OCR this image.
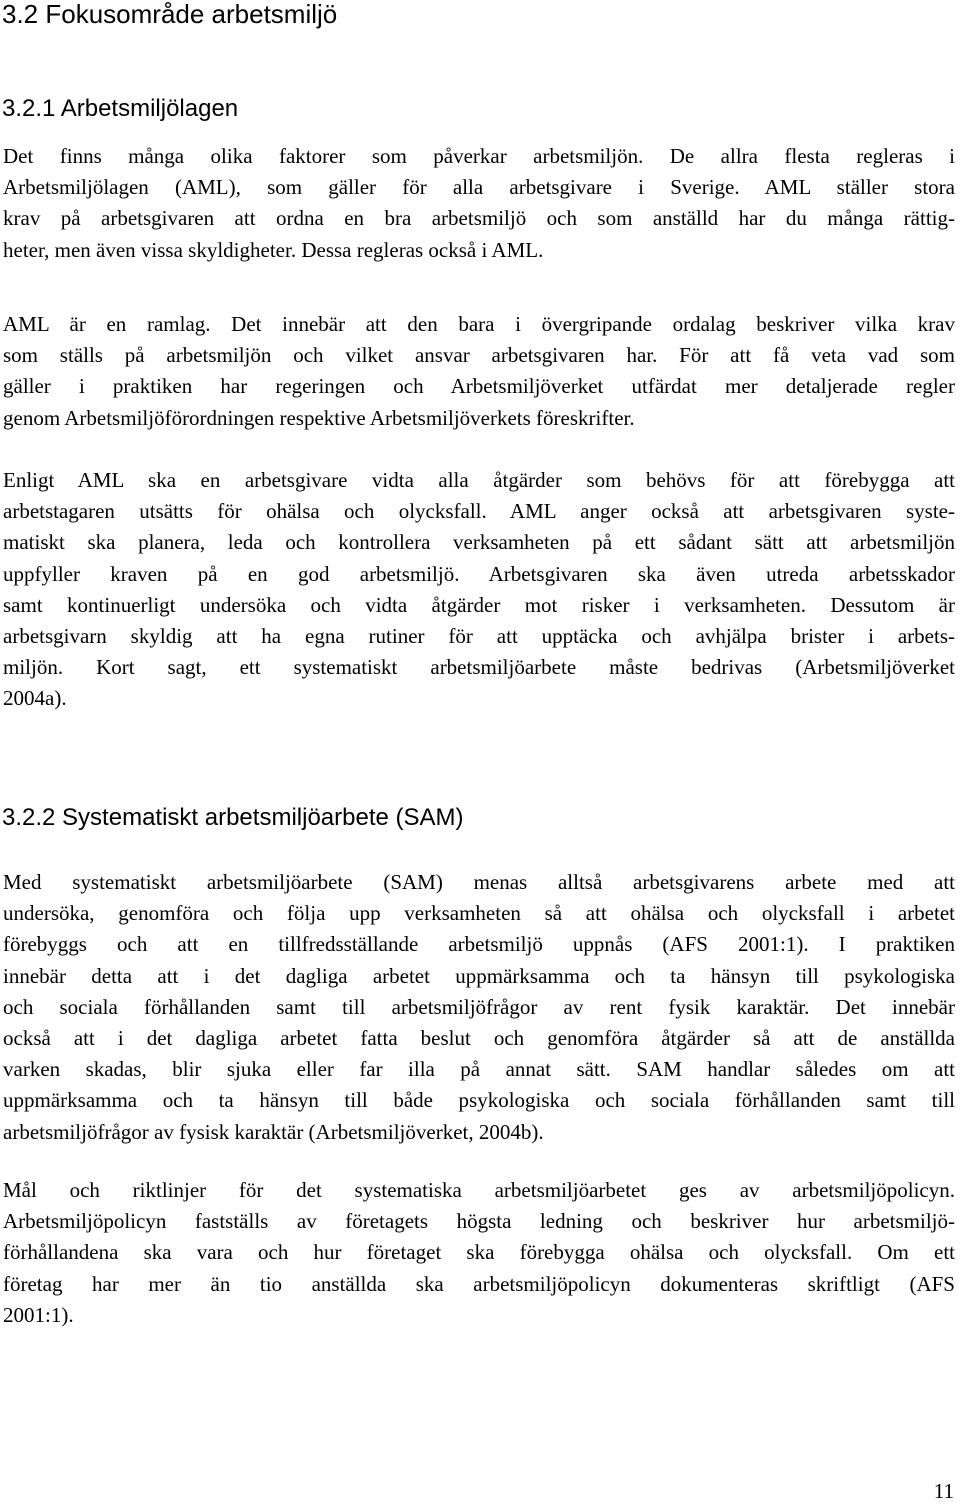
3.2 Fokusområde arbetsmiljö
3.2.1 Arbetsmiljölagen
Det finns många olika faktorer som påverkar arbetsmiljön. De allra flesta regleras i
Arbetsmiljölagen (AML), som gäller för alla arbetsgivare i Sverige. AML ställer stora
krav på arbetsgivaren att ordna en bra arbetsmiljö och som anställd har du många rättig-
heter, men även vissa skyldigheter. Dessa regleras också i AML.
AML är en ramlag. Det innebär att den bara i övergripande ordalag beskriver vilka krav
som ställs på arbetsmiljön och vilket ansvar arbetsgivaren har. För att få veta vad som
gäller i praktiken har regeringen och Arbetsmiljöverket utfärdat mer detaljerade regler
genom Arbetsmiljöförordningen respektive Arbetsmiljöverkets föreskrifter.
Enligt AML ska en arbetsgivare vidta alla åtgärder som behövs för att förebygga att
arbetstagaren utsätts för ohälsa och olycksfall. AML anger också att arbetsgivaren syste-
matiskt ska planera, leda och kontrollera verksamheten på ett sådant sätt att arbetsmiljön
uppfyller kraven på en god arbetsmiljö. Arbetsgivaren ska även utreda arbetsskador
samt kontinuerligt undersöka och vidta åtgärder mot risker i verksamheten. Dessutom är
arbetsgivarn skyldig att ha egna rutiner för att upptäcka och avhjälpa brister i arbets-
miljön. Kort sagt, ett systematiskt arbetsmiljöarbete måste bedrivas (Arbetsmiljöverket
2004a).
3.2.2 Systematiskt arbetsmiljöarbete (SAM)
Med systematiskt arbetsmiljöarbete (SAM) menas alltså arbetsgivarens arbete med att
undersöka, genomföra och följa upp verksamheten så att ohälsa och olycksfall i arbetet
förebyggs och att en tillfredsställande arbetsmiljö uppnås (AFS 2001:1). I praktiken
innebär detta att i det dagliga arbetet uppmärksamma och ta hänsyn till psykologiska
och sociala förhållanden samt till arbetsmiljöfrågor av rent fysik karaktär. Det innebär
också att i det dagliga arbetet fatta beslut och genomföra åtgärder så att de anställda
varken skadas, blir sjuka eller far illa på annat sätt. SAM handlar således om att
uppmärksamma och ta hänsyn till både psykologiska och sociala förhållanden samt till
arbetsmiljöfrågor av fysisk karaktär (Arbetsmiljöverket, 2004b).
Mål och riktlinjer för det systematiska arbetsmiljöarbetet ges av arbetsmiljöpolicyn.
Arbetsmiljöpolicyn fastställs av företagets högsta ledning och beskriver hur arbetsmiljö-
förhållandena ska vara och hur företaget ska förebygga ohälsa och olycksfall. Om ett
företag har mer än tio anställda ska arbetsmiljöpolicyn dokumenteras skriftligt (AFS
2001:1).
11
